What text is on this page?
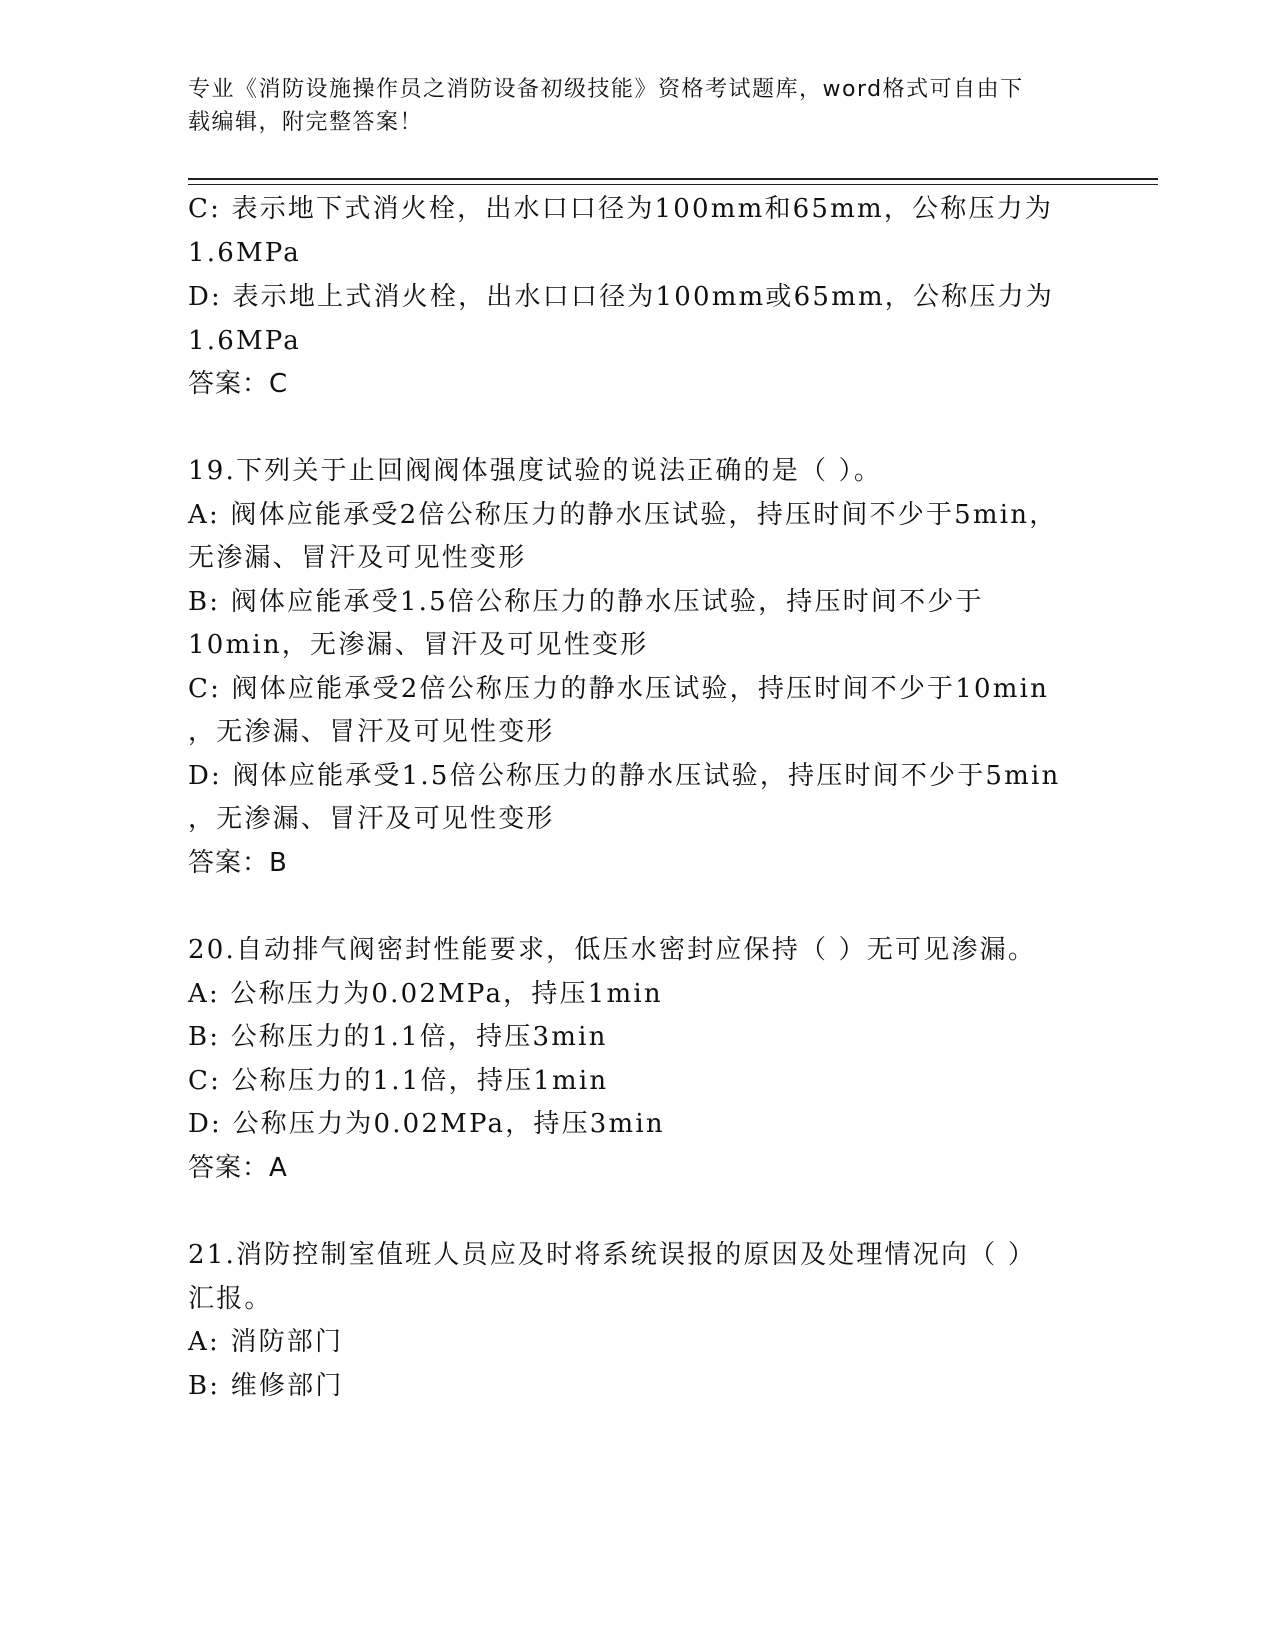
专业《消防设施操作员之消防设备初级技能》资格考试题库，word格式可自由下
载编辑，附完整答案！
C: 表示地下式消火栓，出水口口径为100mm和65mm，公称压力为
1.6MPa
D: 表示地上式消火栓，出水口口径为100mm或65mm，公称压力为
1.6MPa
答案：C
19.下列关于止回阀阀体强度试验的说法正确的是（ ）。
A: 阀体应能承受2倍公称压力的静水压试验，持压时间不少于5min，
无渗漏、冒汗及可见性变形
B: 阀体应能承受1.5倍公称压力的静水压试验，持压时间不少于
10min，无渗漏、冒汗及可见性变形
C: 阀体应能承受2倍公称压力的静水压试验，持压时间不少于10min
，无渗漏、冒汗及可见性变形
D: 阀体应能承受1.5倍公称压力的静水压试验，持压时间不少于5min
，无渗漏、冒汗及可见性变形
答案：B
20.自动排气阀密封性能要求，低压水密封应保持（ ）无可见渗漏。
A: 公称压力为0.02MPa，持压1min
B: 公称压力的1.1倍，持压3min
C: 公称压力的1.1倍，持压1min
D: 公称压力为0.02MPa，持压3min
答案：A
21.消防控制室值班人员应及时将系统误报的原因及处理情况向（ ）
汇报。
A: 消防部门
B: 维修部门
